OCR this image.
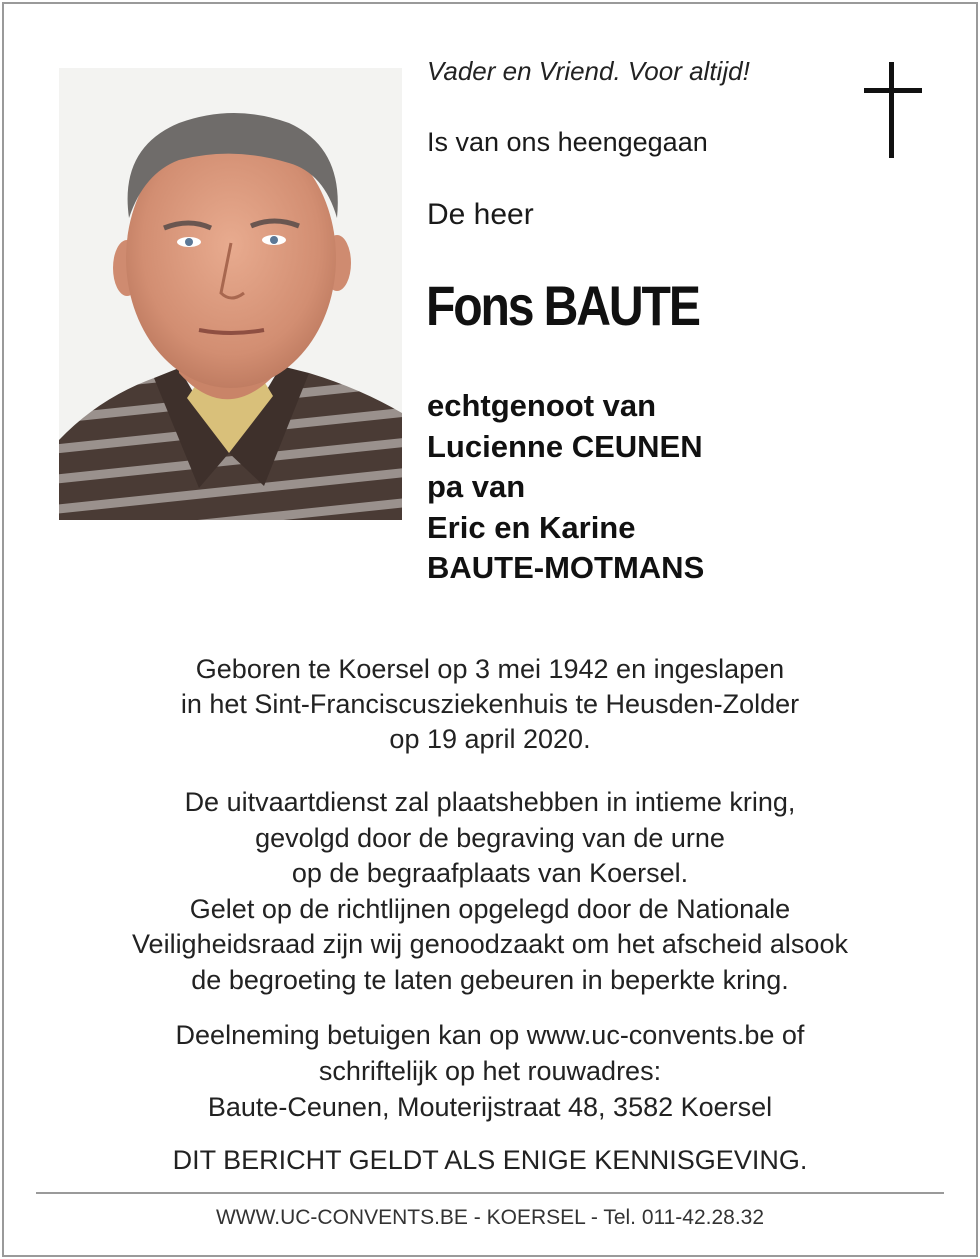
Vader en Vriend. Voor altijd!
Is van ons heengegaan
De heer
Fons BAUTE
echtgenoot van
Lucienne CEUNEN
pa van
Eric en Karine
BAUTE-MOTMANS
Geboren te Koersel op 3 mei 1942 en ingeslapen
in het Sint-Franciscusziekenhuis te Heusden-Zolder
op 19 april 2020.
De uitvaartdienst zal plaatshebben in intieme kring,
gevolgd door de begraving van de urne
op de begraafplaats van Koersel.
Gelet op de richtlijnen opgelegd door de Nationale
Veiligheidsraad zijn wij genoodzaakt om het afscheid alsook
de begroeting te laten gebeuren in beperkte kring.
Deelneming betuigen kan op www.uc-convents.be of
schriftelijk op het rouwadres:
Baute-Ceunen, Mouterijstraat 48, 3582 Koersel
DIT BERICHT GELDT ALS ENIGE KENNISGEVING.
WWW.UC-CONVENTS.BE - KOERSEL - Tel. 011-42.28.32
